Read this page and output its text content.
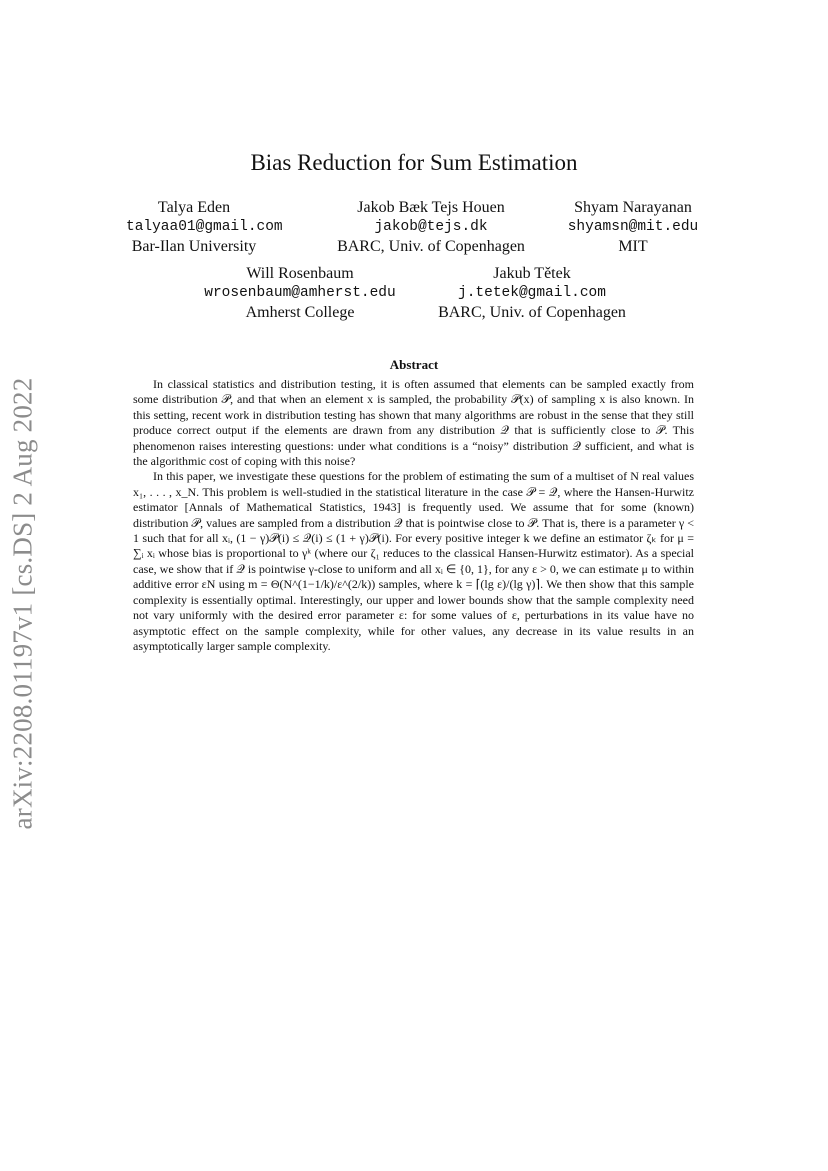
arXiv:2208.01197v1 [cs.DS] 2 Aug 2022
Bias Reduction for Sum Estimation
Talya Eden
talyaa01@gmail.com
Bar-Ilan University
Jakob Bæk Tejs Houen
jakob@tejs.dk
BARC, Univ. of Copenhagen
Shyam Narayanan
shyamsn@mit.edu
MIT
Will Rosenbaum
wrosenbaum@amherst.edu
Amherst College
Jakub Tětek
j.tetek@gmail.com
BARC, Univ. of Copenhagen
Abstract

In classical statistics and distribution testing, it is often assumed that elements can be sampled exactly from some distribution 𝒫, and that when an element x is sampled, the probability 𝒫(x) of sampling x is also known. In this setting, recent work in distribution testing has shown that many algorithms are robust in the sense that they still produce correct output if the elements are drawn from any distribution 𝒬 that is sufficiently close to 𝒫. This phenomenon raises interesting questions: under what conditions is a “noisy” distribution 𝒬 sufficient, and what is the algorithmic cost of coping with this noise?

In this paper, we investigate these questions for the problem of estimating the sum of a multiset of N real values x₁, . . . , x_N. This problem is well-studied in the statistical literature in the case 𝒫 = 𝒬, where the Hansen-Hurwitz estimator [Annals of Mathematical Statistics, 1943] is frequently used. We assume that for some (known) distribution 𝒫, values are sampled from a distribution 𝒬 that is pointwise close to 𝒫. That is, there is a parameter γ < 1 such that for all xᵢ, (1 − γ)𝒫(i) ≤ 𝒬(i) ≤ (1 + γ)𝒫(i). For every positive integer k we define an estimator ζₖ for μ = ∑ᵢ xᵢ whose bias is proportional to γᵏ (where our ζ₁ reduces to the classical Hansen-Hurwitz estimator). As a special case, we show that if 𝒬 is pointwise γ-close to uniform and all xᵢ ∈ {0, 1}, for any ε > 0, we can estimate μ to within additive error εN using m = Θ(N^(1−1/k)/ε^(2/k)) samples, where k = ⌈(lg ε)/(lg γ)⌉. We then show that this sample complexity is essentially optimal. Interestingly, our upper and lower bounds show that the sample complexity need not vary uniformly with the desired error parameter ε: for some values of ε, perturbations in its value have no asymptotic effect on the sample complexity, while for other values, any decrease in its value results in an asymptotically larger sample complexity.
